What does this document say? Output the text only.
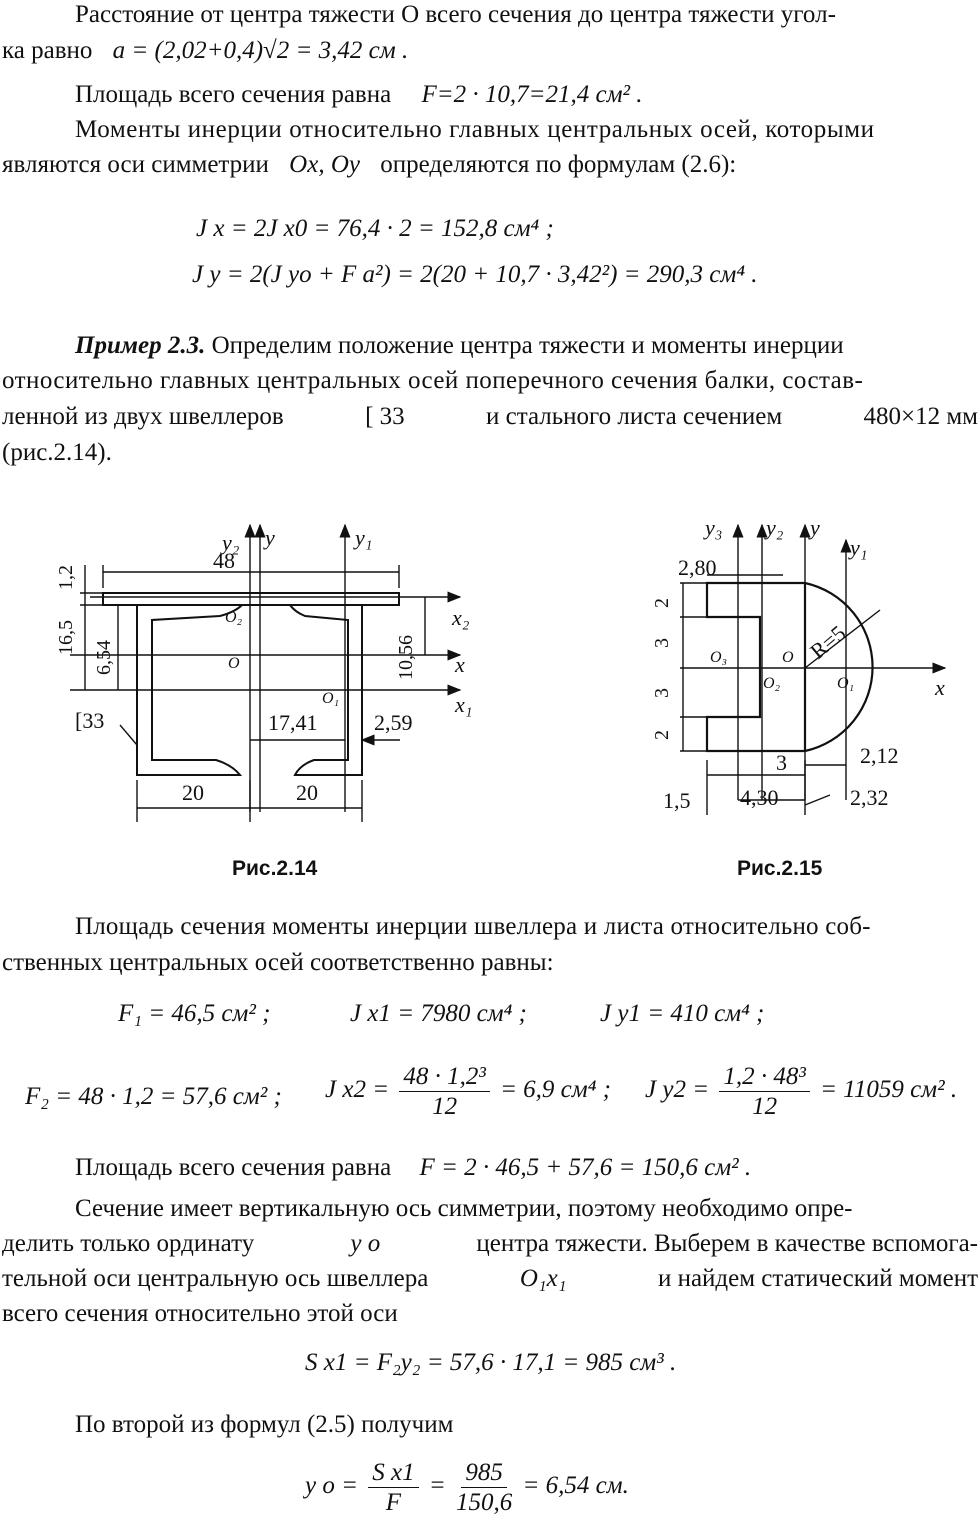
Расстояние от центра тяжести O всего сечения до центра тяжести угол-
ка равно a = (2,02+0,4)√2 = 3,42 см .
Площадь всего сечения равна F=2 · 10,7=21,4 см² .
Моменты инерции относительно главных центральных осей, которыми
являются оси симметрии Ox, Oy определяются по формулам (2.6):
J x = 2J x0 = 76,4 · 2 = 152,8 см⁴ ;
J y = 2(J yo + F a²) = 2(20 + 10,7 · 3,42²) = 290,3 см⁴ .
Пример 2.3. Определим положение центра тяжести и моменты инерции
относительно главных центральных осей поперечного сечения балки, состав-
ленной из двух швеллеров	[ 33	и стального листа сечением	480×12 мм
(рис.2.14).
y₂ y	y₁
48
1,2
16,5
6,54	10,56
x₂
x
x₁
O₂
O
O₁
[33	17,41	2,59
20	20
y₃ y₂ y
y₁
2,80
2
3
3
2
R=5
O₃	O
O₂	O₁	x
3	2,12
1,5 4,30	2,32
Рис.2.14	Рис.2.15
Площадь сечения моменты инерции швеллера и листа относительно соб-
ственных центральных осей соответственно равны:
F₁ = 46,5 см² ;	J x1 = 7980 см⁴ ;	J y1 = 410 см⁴ ;
F₂ = 48 · 1,2 = 57,6 см² ; J $x2 = \frac{\text{48 · 1,2³}}{12} = 6,9$ см⁴ ; J $y2 = \frac{\text{1,2 · 48³}}{12} = 11059$ см² .
Площадь всего сечения равна F = 2 · 46,5 + 57,6 = 150,6 см² .
Сечение имеет вертикальную ось симметрии, поэтому необходимо опре-
делить только ординату	y o	центра тяжести. Выберем в качестве вспомога-
тельной оси центральную ось швеллера	O₁x₁	и найдем статический момент
всего сечения относительно этой оси
S x1 = F₂y₂ = 57,6 · 17,1 = 985 см³ .
По второй из формул (2.5) получим
y $o = \frac{\text{S x1}}{F} = \frac{985}{150,6} = 6,54$ см.
